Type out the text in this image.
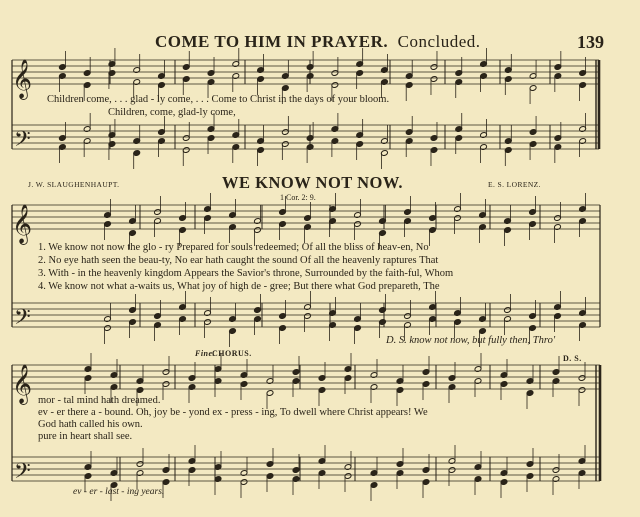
𝄞
𝄢
𝄞
𝄢
𝄞
𝄢
COME TO HIM IN PRAYER. Concluded.	139
Children come, . . . glad - ly come, . . . Come to Christ in the days of your bloom.
Children, come, glad-ly come,
J. W. SLAUGHENHAUPT.	WE KNOW NOT NOW.
1 Cor. 2: 9.
E. S. LORENZ.
1. We know not now the glo - ry Prepared for souls redeemed; Of all the bliss of heav-en, No
2. No eye hath seen the beau-ty, No ear hath caught the sound Of all the heavenly raptures That
3. With - in the heavenly kingdom Appears the Savior's throne, Surrounded by the faith-ful, Whom
4. We know not what a-waits us, What joy of high de - gree; But there what God prepareth, The
D. S. know not now, but fully then, Thro'
Fine.
CHORUS.
D. S.
mor - tal mind hath dreamed.
ev - er there a - bound. Oh, joy be - yond ex - press - ing, To dwell where Christ appears! We
God hath called his own.
pure in heart shall see.
ev - er - last - ing years.
